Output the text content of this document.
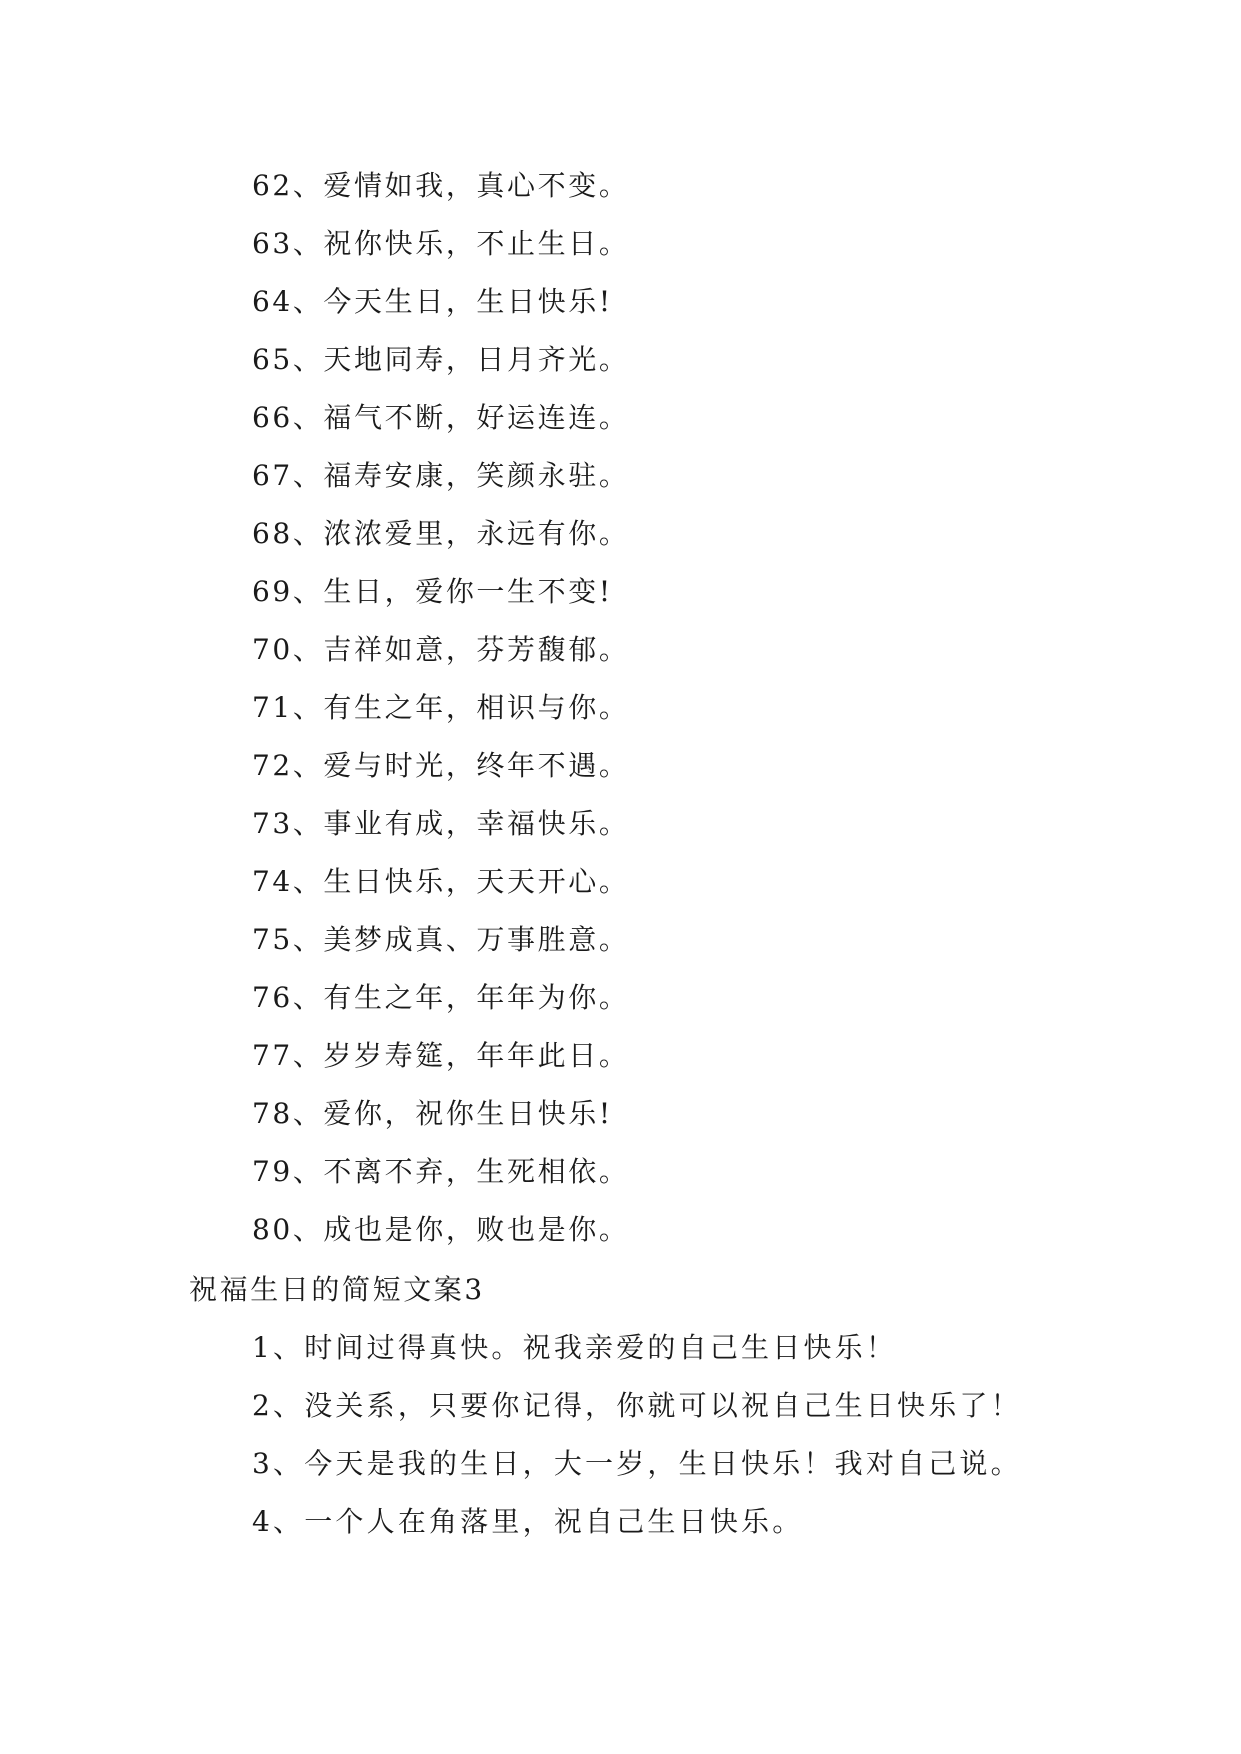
62、爱情如我，真心不变。
63、祝你快乐，不止生日。
64、今天生日，生日快乐!
65、天地同寿，日月齐光。
66、福气不断，好运连连。
67、福寿安康，笑颜永驻。
68、浓浓爱里，永远有你。
69、生日，爱你一生不变!
70、吉祥如意，芬芳馥郁。
71、有生之年，相识与你。
72、爱与时光，终年不遇。
73、事业有成，幸福快乐。
74、生日快乐，天天开心。
75、美梦成真、万事胜意。
76、有生之年，年年为你。
77、岁岁寿筵，年年此日。
78、爱你，祝你生日快乐!
79、不离不弃，生死相依。
80、成也是你，败也是你。
祝福生日的简短文案3
1、时间过得真快。祝我亲爱的自己生日快乐！
2、没关系，只要你记得，你就可以祝自己生日快乐了！
3、今天是我的生日，大一岁，生日快乐！我对自己说。
4、一个人在角落里，祝自己生日快乐。
